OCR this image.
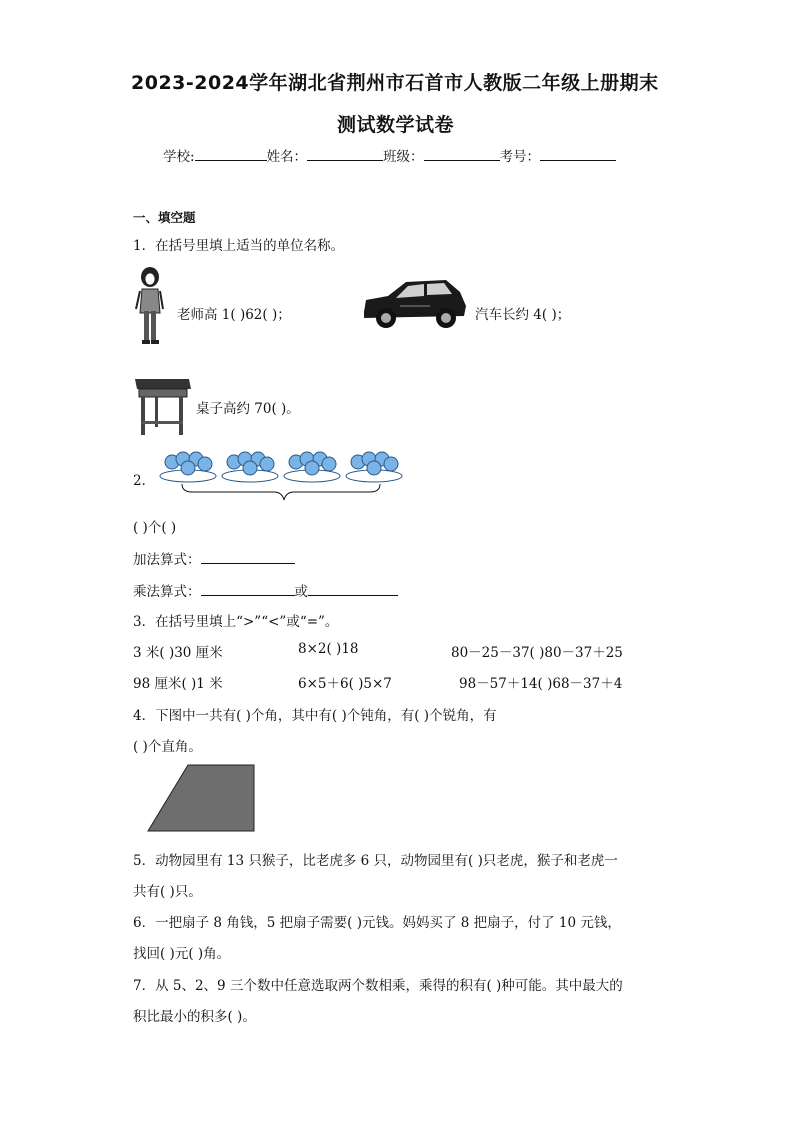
2023-2024学年湖北省荆州市石首市人教版二年级上册期末
测试数学试卷
学校:	姓名：	班级：	考号：
一、填空题
1．在括号里填上适当的单位名称。
老师高 1( )62( )；	汽车长约 4( )；
桌子高约 70( )。
2．
( )个( )
加法算式：
乘法算式：	或
3．在括号里填上“>”“<”或“=”。
3 米( )30 厘米	8×2( )18	80－25－37( )80－37＋25
98 厘米( )1 米	6×5＋6( )5×7	98－57＋14( )68－37＋4
4．下图中一共有( )个角，其中有( )个钝角，有( )个锐角，有
( )个直角。
5．动物园里有 13 只猴子，比老虎多 6 只，动物园里有( )只老虎，猴子和老虎一
共有( )只。
6．一把扇子 8 角钱，5 把扇子需要( )元钱。妈妈买了 8 把扇子，付了 10 元钱，
找回( )元( )角。
7．从 5、2、9 三个数中任意选取两个数相乘，乘得的积有( )种可能。其中最大的
积比最小的积多( )。
